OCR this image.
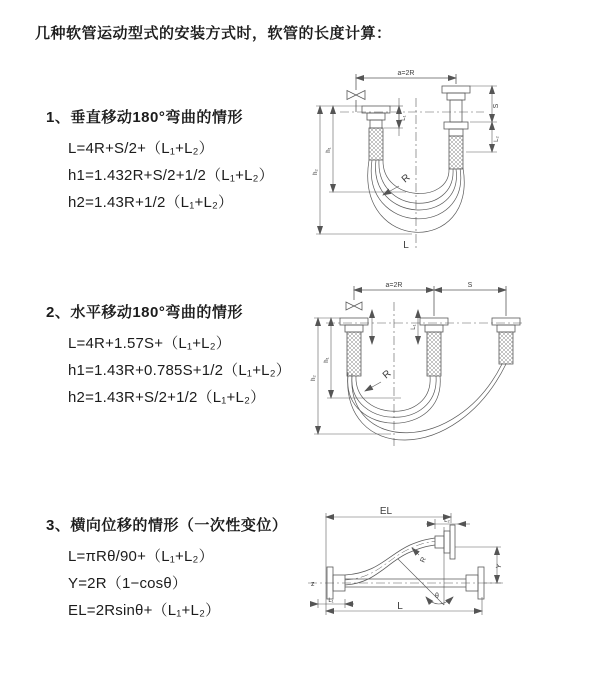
几种软管运动型式的安装方式时，软管的长度计算：
1、垂直移动180°弯曲的情形
L=4R+S/2+（L₁+L₂）
h1=1.432R+S/2+1/2（L₁+L₂）
h2=1.43R+1/2（L₁+L₂）
2、水平移动180°弯曲的情形
L=4R+1.57S+（L₁+L₂）
h1=1.43R+0.785S+1/2（L₁+L₂）
h2=1.43R+S/2+1/2（L₁+L₂）
3、横向位移的情形（一次性变位）
L=πRθ/90+（L₁+L₂）
Y=2R（1−cosθ）
EL=2Rsinθ+（L₁+L₂）
a=2R
S
L₂
L₁
h₁
h₂
R
L
a=2R	S
L₁
h₁
h₂	R
EL
L₂
Y
R
θ
L
L₁
z
